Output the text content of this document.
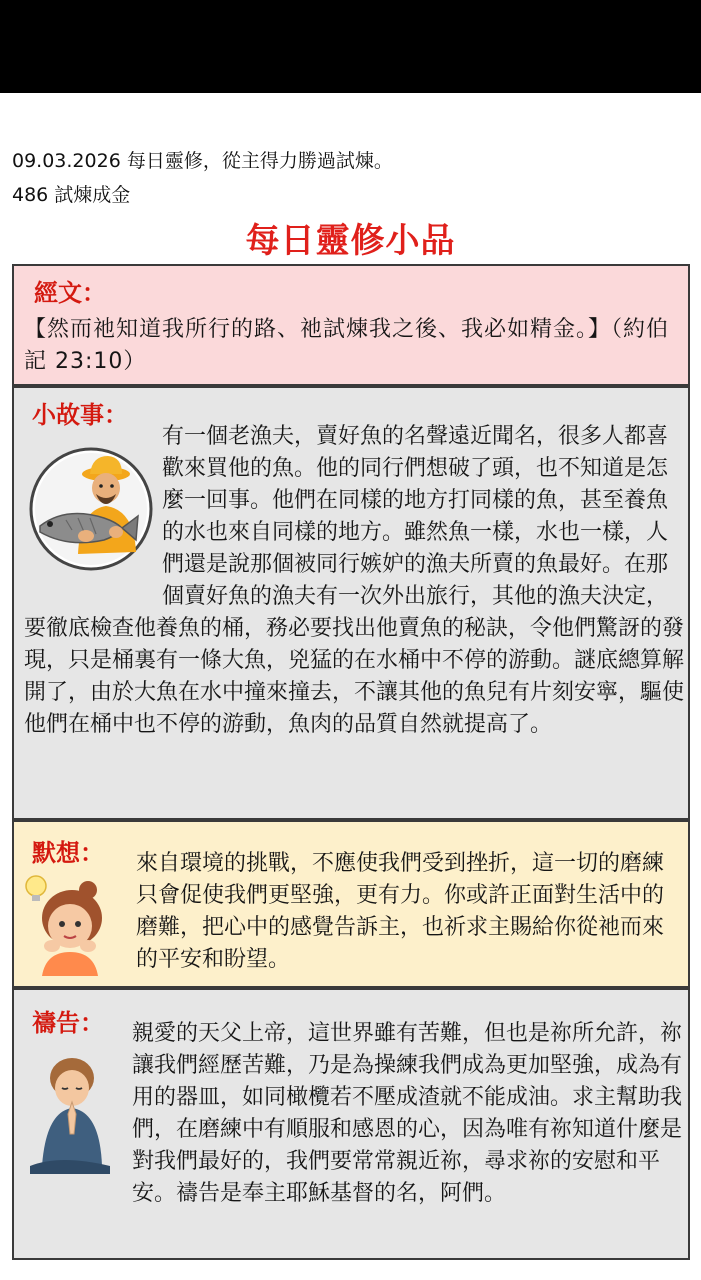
09.03.2026 每日靈修，從主得力勝過試煉。
486 試煉成金
每日靈修小品
經文：
【然而祂知道我所行的路、祂試煉我之後、我必如精金。】（約伯記 23:10）
小故事：
有一個老漁夫，賣好魚的名聲遠近聞名，很多人都喜歡來買他的魚。他的同行們想破了頭，也不知道是怎麼一回事。他們在同樣的地方打同樣的魚，甚至養魚的水也來自同樣的地方。雖然魚一樣，水也一樣，人們還是說那個被同行嫉妒的漁夫所賣的魚最好。在那個賣好魚的漁夫有一次外出旅行，其他的漁夫決定，要徹底檢查他養魚的桶，務必要找出他賣魚的秘訣，令他們驚訝的發現，只是桶裏有一條大魚，兇猛的在水桶中不停的游動。謎底總算解開了，由於大魚在水中撞來撞去，不讓其他的魚兒有片刻安寧，驅使他們在桶中也不停的游動，魚肉的品質自然就提高了。
默想： 來自環境的挑戰，不應使我們受到挫折，這一切的磨練只會促使我們更堅強，更有力。你或許正面對生活中的磨難，把心中的感覺告訴主，也祈求主賜給你從祂而來的平安和盼望。
禱告： 親愛的天父上帝，這世界雖有苦難，但也是祢所允許，祢讓我們經歷苦難，乃是為操練我們成為更加堅強，成為有用的器皿，如同橄欖若不壓成渣就不能成油。求主幫助我們，在磨練中有順服和感恩的心，因為唯有祢知道什麼是對我們最好的，我們要常常親近祢，尋求祢的安慰和平安。禱告是奉主耶穌基督的名，阿們。
